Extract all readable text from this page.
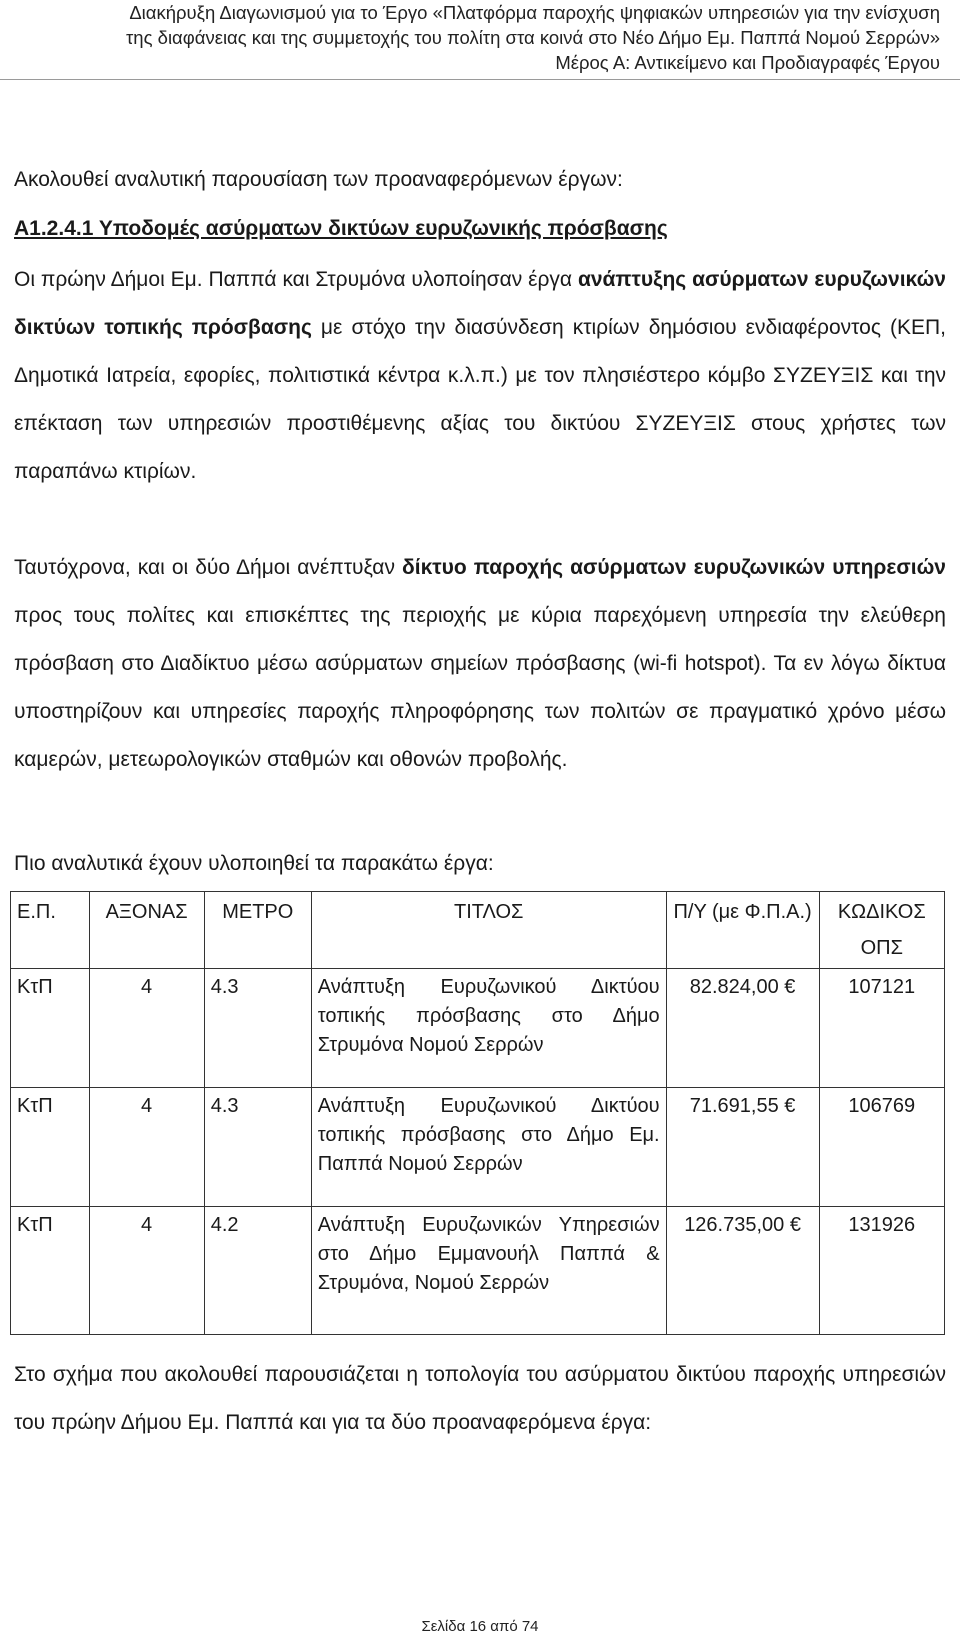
Διακήρυξη Διαγωνισμού για το Έργο «Πλατφόρμα παροχής ψηφιακών υπηρεσιών για την ενίσχυση
της διαφάνειας και της συμμετοχής του πολίτη στα κοινά στο Νέο Δήμο Εμ. Παππά Νομού Σερρών»
Μέρος Α: Αντικείμενο και Προδιαγραφές Έργου
Ακολουθεί αναλυτική παρουσίαση των προαναφερόμενων έργων:
Α1.2.4.1 Υποδομές ασύρματων δικτύων ευρυζωνικής πρόσβασης
Οι πρώην Δήμοι Εμ. Παππά και Στρυμόνα υλοποίησαν έργα ανάπτυξης ασύρματων ευρυζωνικών δικτύων τοπικής πρόσβασης με στόχο την διασύνδεση κτιρίων δημόσιου ενδιαφέροντος (ΚΕΠ, Δημοτικά Ιατρεία, εφορίες, πολιτιστικά κέντρα κ.λ.π.) με τον πλησιέστερο κόμβο ΣΥΖΕΥΞΙΣ και την επέκταση των υπηρεσιών προστιθέμενης αξίας του δικτύου ΣΥΖΕΥΞΙΣ στους χρήστες των παραπάνω κτιρίων.
Ταυτόχρονα, και οι δύο Δήμοι ανέπτυξαν δίκτυο παροχής ασύρματων ευρυζωνικών υπηρεσιών προς τους πολίτες και επισκέπτες της περιοχής με κύρια παρεχόμενη υπηρεσία την ελεύθερη πρόσβαση στο Διαδίκτυο μέσω ασύρματων σημείων πρόσβασης (wi-fi hotspot). Τα εν λόγω δίκτυα υποστηρίζουν και υπηρεσίες παροχής πληροφόρησης των πολιτών σε πραγματικό χρόνο μέσω καμερών, μετεωρολογικών σταθμών και οθονών προβολής.
Πιο αναλυτικά έχουν υλοποιηθεί τα παρακάτω έργα:
Ε.Π.	ΑΞΟΝΑΣ	ΜΕΤΡΟ	ΤΙΤΛΟΣ	Π/Υ (με Φ.Π.Α.)	ΚΩΔΙΚΟΣ ΟΠΣ
ΚτΠ	4	4.3	Ανάπτυξη Ευρυζωνικού Δικτύου τοπικής πρόσβασης στο Δήμο Στρυμόνα Νομού Σερρών	82.824,00 €	107121
ΚτΠ	4	4.3	Ανάπτυξη Ευρυζωνικού Δικτύου τοπικής πρόσβασης στο Δήμο Εμ. Παππά Νομού Σερρών	71.691,55 €	106769
ΚτΠ	4	4.2	Ανάπτυξη Ευρυζωνικών Υπηρεσιών στο Δήμο Εμμανουήλ Παππά & Στρυμόνα, Νομού Σερρών	126.735,00 €	131926
Στο σχήμα που ακολουθεί παρουσιάζεται η τοπολογία του ασύρματου δικτύου παροχής υπηρεσιών του πρώην Δήμου Εμ. Παππά και για τα δύο προαναφερόμενα έργα:
Σελίδα 16 από 74
